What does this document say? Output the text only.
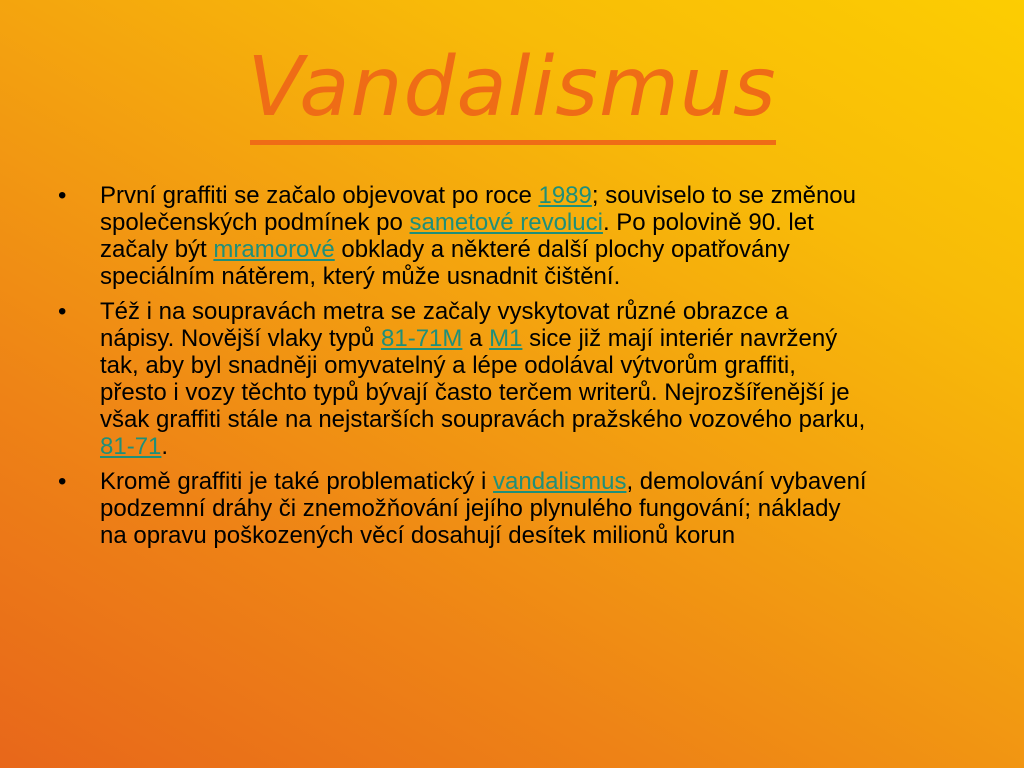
Vandalismus
•	První graffiti se začalo objevovat po roce 1989; souviselo to se změnou společenských podmínek po sametové revoluci. Po polovině 90. let začaly být mramorové obklady a některé další plochy opatřovány speciálním nátěrem, který může usnadnit čištění.
•	Též i na soupravách metra se začaly vyskytovat různé obrazce a nápisy. Novější vlaky typů 81-71M a M1 sice již mají interiér navržený tak, aby byl snadněji omyvatelný a lépe odolával výtvorům graffiti, přesto i vozy těchto typů bývají často terčem writerů. Nejrozšířenější je však graffiti stále na nejstarších soupravách pražského vozového parku, 81-71.
•	Kromě graffiti je také problematický i vandalismus, demolování vybavení podzemní dráhy či znemožňování jejího plynulého fungování; náklady na opravu poškozených věcí dosahují desítek milionů korun
